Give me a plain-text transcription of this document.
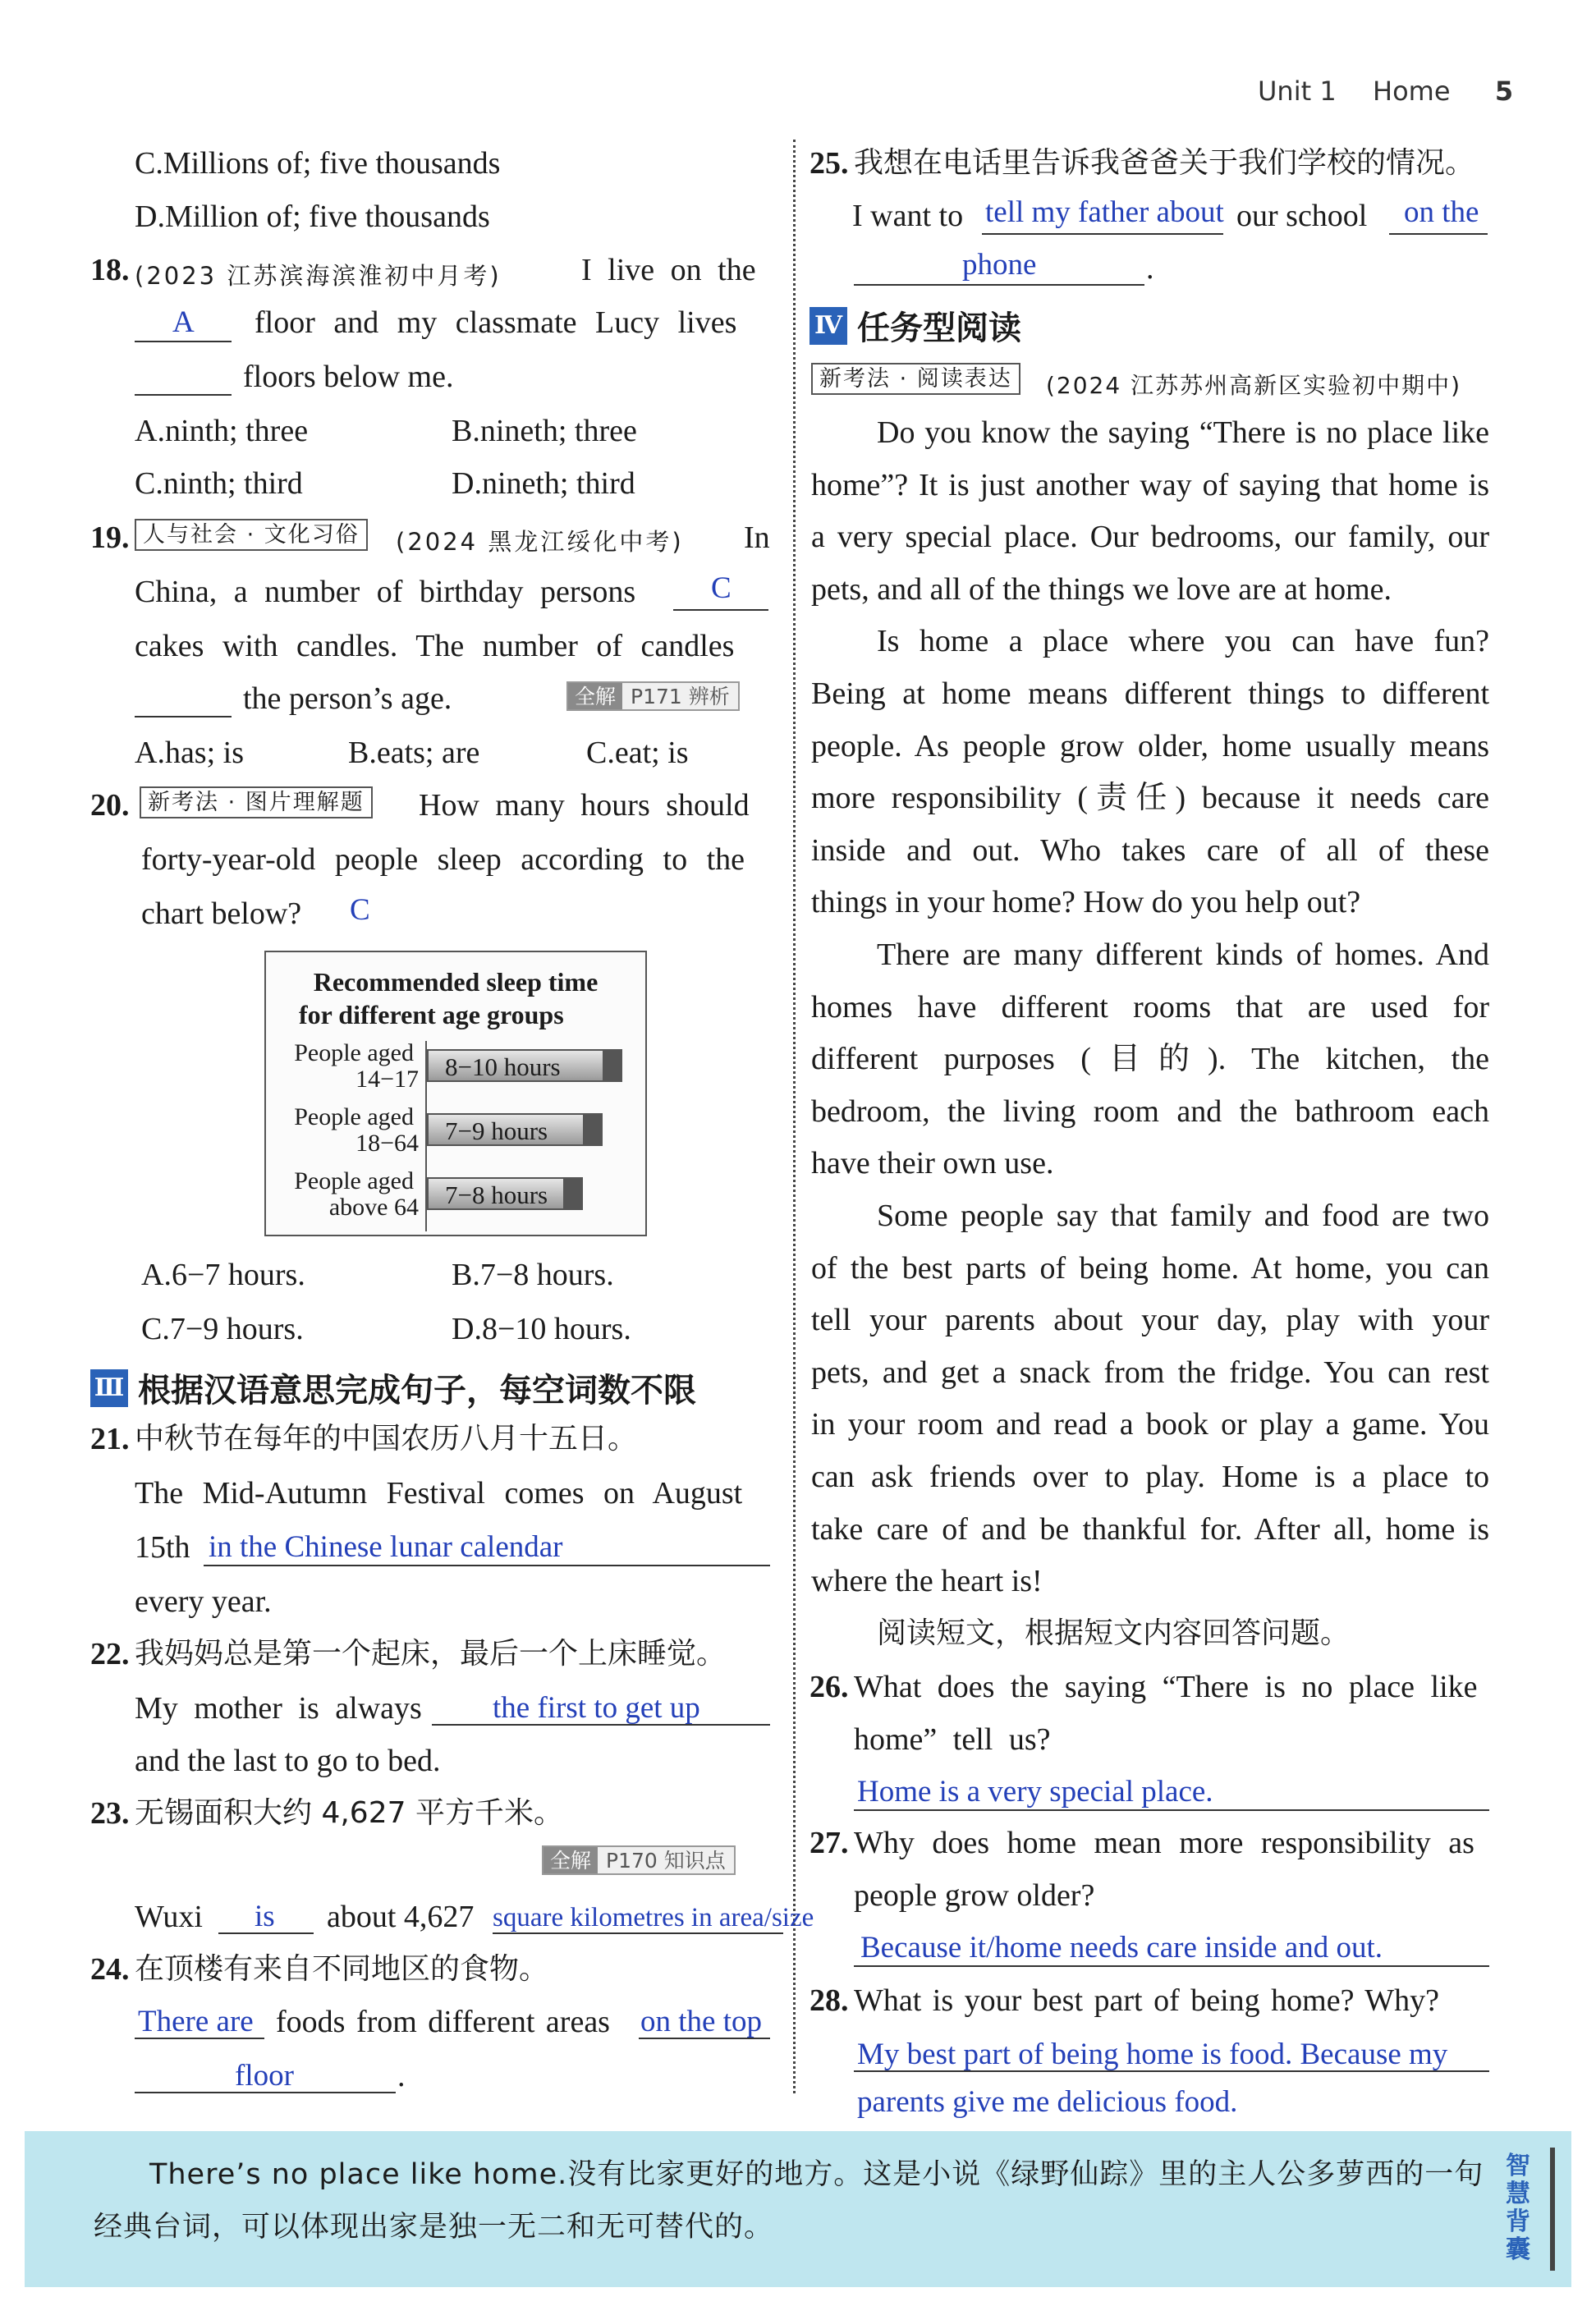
Unit 1 Home 5
C.Millions of; five thousands
D.Million of; five thousands
18. (2023 江苏滨海滨淮初中月考)	I live on the
A floor and my classmate Lucy lives
floors below me.
A.ninth; three	B.nineth; three
C.ninth; third	D.nineth; third
19. 人与社会 · 文化习俗	(2024 黑龙江绥化中考) In
China, a number of birthday persons C
cakes with candles. The number of candles
the person’s age.	全解 P171 辨析
A.has; is	B.eats; are	C.eat; is
20. 新考法 · 图片理解题 How many hours should
forty-year-old people sleep according to the
chart below? C
Recommended sleep time
for different age groups
People aged
14−17 8−10 hours
People aged
18−64 7−9 hours
People aged
above 64 7−8 hours
A.6−7 hours.	B.7−8 hours.
C.7−9 hours.	D.8−10 hours.
Ⅲ 根据汉语意思完成句子，每空词数不限
21. 中秋节在每年的中国农历八月十五日。
The Mid-Autumn Festival comes on August
15th in the Chinese lunar calendar
every year.
22. 我妈妈总是第一个起床，最后一个上床睡觉。
My mother is always the first to get up
and the last to go to bed.
23. 无锡面积大约 4,627 平方千米。
全解 P170 知识点
Wuxi is about 4,627 square kilometres in area/size
24. 在顶楼有来自不同地区的食物。
There are foods from different areas on the top
floor	.
25. 我想在电话里告诉我爸爸关于我们学校的情况。
I want to tell my father about our school on the
phone	.
Ⅳ 任务型阅读
新考法 · 阅读表达	(2024 江苏苏州高新区实验初中期中)
Do you know the saying “There is no place like
home”? It is just another way of saying that home is
a very special place. Our bedrooms, our family, our
pets, and all of the things we love are at home.
Is home a place where you can have fun?
Being at home means different things to different
people. As people grow older, home usually means
more responsibility (责任) because it needs care
inside and out. Who takes care of all of these
things in your home? How do you help out?
There are many different kinds of homes. And
homes have different rooms that are used for
different purposes (目的). The kitchen, the
bedroom, the living room and the bathroom each
have their own use.
Some people say that family and food are two
of the best parts of being home. At home, you can
tell your parents about your day, play with your
pets, and get a snack from the fridge. You can rest
in your room and read a book or play a game. You
can ask friends over to play. Home is a place to
take care of and be thankful for. After all, home is
where the heart is!
阅读短文，根据短文内容回答问题。
26. What does the saying “There is no place like
home” tell us?
Home is a very special place.
27. Why does home mean more responsibility as
people grow older?
Because it/home needs care inside and out.
28. What is your best part of being home? Why?
My best part of being home is food. Because my
parents give me delicious food.
There’s no place like home.没有比家更好的地方。这是小说《绿野仙踪》里的主人公多萝西的一句
经典台词，可以体现出家是独一无二和无可替代的。
智慧背囊
